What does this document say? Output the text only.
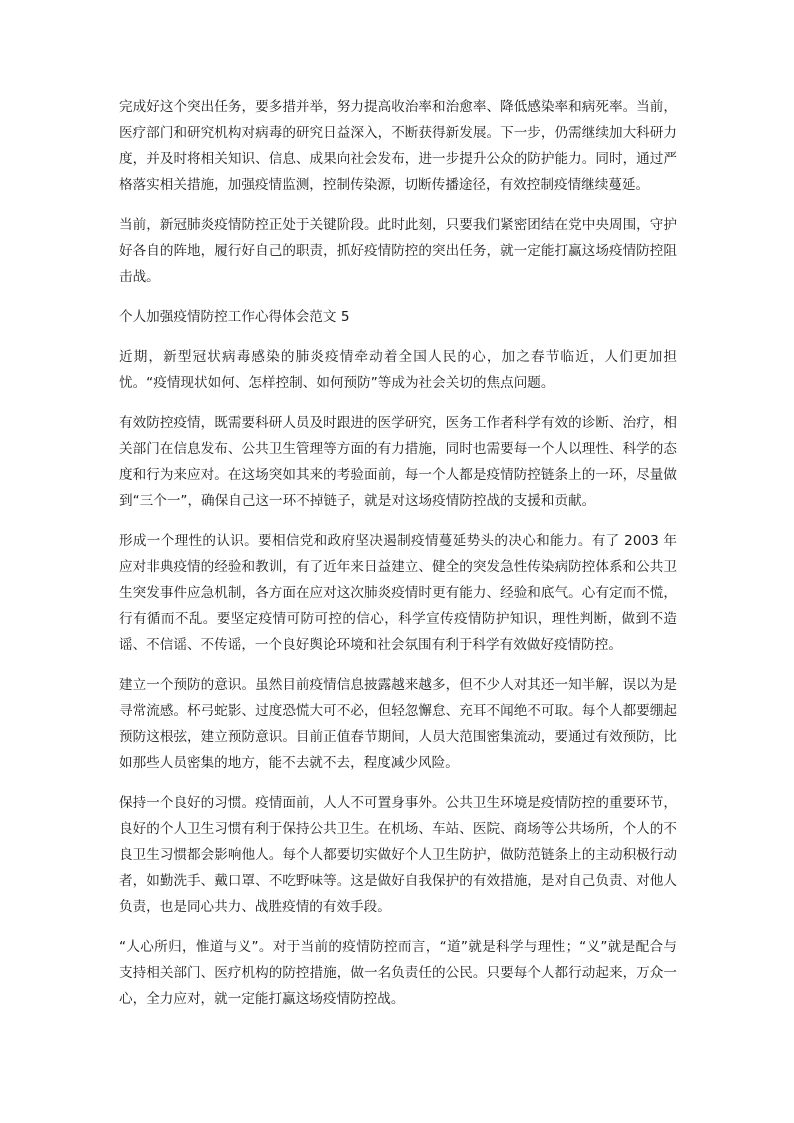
完成好这个突出任务，要多措并举，努力提高收治率和治愈率、降低感染率和病死率。当前，医疗部门和研究机构对病毒的研究日益深入，不断获得新发展。下一步，仍需继续加大科研力度，并及时将相关知识、信息、成果向社会发布，进一步提升公众的防护能力。同时，通过严格落实相关措施，加强疫情监测，控制传染源，切断传播途径，有效控制疫情继续蔓延。

当前，新冠肺炎疫情防控正处于关键阶段。此时此刻，只要我们紧密团结在党中央周围，守护好各自的阵地，履行好自己的职责，抓好疫情防控的突出任务，就一定能打赢这场疫情防控阻击战。

个人加强疫情防控工作心得体会范文 5

近期，新型冠状病毒感染的肺炎疫情牵动着全国人民的心，加之春节临近，人们更加担忧。“疫情现状如何、怎样控制、如何预防”等成为社会关切的焦点问题。

有效防控疫情，既需要科研人员及时跟进的医学研究，医务工作者科学有效的诊断、治疗，相关部门在信息发布、公共卫生管理等方面的有力措施，同时也需要每一个人以理性、科学的态度和行为来应对。在这场突如其来的考验面前，每一个人都是疫情防控链条上的一环，尽量做到“三个一”，确保自己这一环不掉链子，就是对这场疫情防控战的支援和贡献。

形成一个理性的认识。要相信党和政府坚决遏制疫情蔓延势头的决心和能力。有了 2003 年应对非典疫情的经验和教训，有了近年来日益建立、健全的突发急性传染病防控体系和公共卫生突发事件应急机制，各方面在应对这次肺炎疫情时更有能力、经验和底气。心有定而不慌，行有循而不乱。要坚定疫情可防可控的信心，科学宣传疫情防护知识，理性判断，做到不造谣、不信谣、不传谣，一个良好舆论环境和社会氛围有利于科学有效做好疫情防控。

建立一个预防的意识。虽然目前疫情信息披露越来越多，但不少人对其还一知半解，误以为是寻常流感。杯弓蛇影、过度恐慌大可不必，但轻忽懈怠、充耳不闻绝不可取。每个人都要绷起预防这根弦，建立预防意识。目前正值春节期间，人员大范围密集流动，要通过有效预防，比如那些人员密集的地方，能不去就不去，程度减少风险。

保持一个良好的习惯。疫情面前，人人不可置身事外。公共卫生环境是疫情防控的重要环节，良好的个人卫生习惯有利于保持公共卫生。在机场、车站、医院、商场等公共场所，个人的不良卫生习惯都会影响他人。每个人都要切实做好个人卫生防护，做防范链条上的主动积极行动者，如勤洗手、戴口罩、不吃野味等。这是做好自我保护的有效措施，是对自己负责、对他人负责，也是同心共力、战胜疫情的有效手段。

“人心所归，惟道与义”。对于当前的疫情防控而言，“道”就是科学与理性；“义”就是配合与支持相关部门、医疗机构的防控措施，做一名负责任的公民。只要每个人都行动起来，万众一心，全力应对，就一定能打赢这场疫情防控战。
